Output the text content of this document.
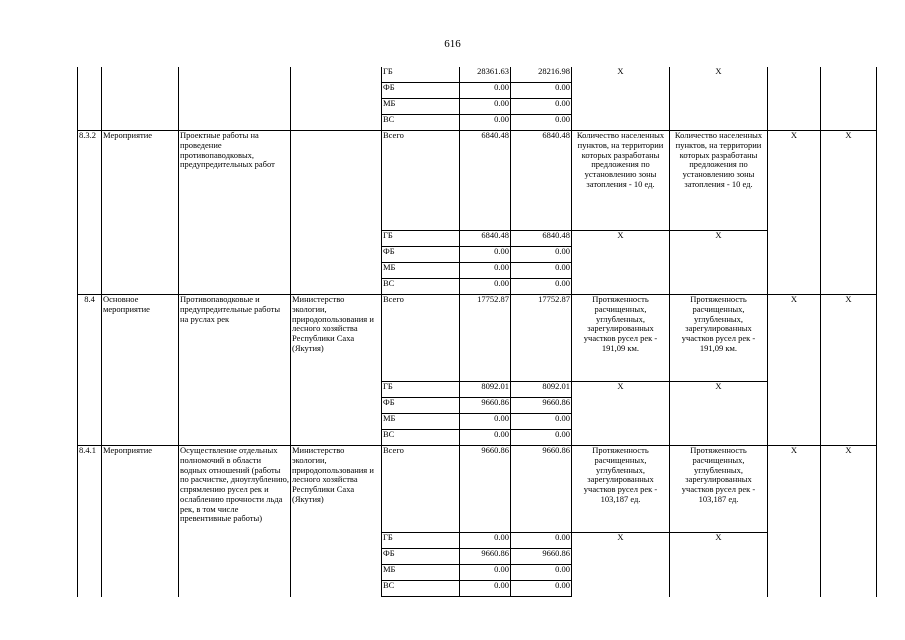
616
				ГБ	28361.63	28216.98	Х	Х		
				ФБ	0.00	0.00				
				МБ	0.00	0.00				
				ВС	0.00	0.00				
8.3.2	Мероприятие	Проектные работы на проведение противопаводковых, предупредительных работ		Всего	6840.48	6840.48	Количество населенных пунктов, на территории которых разработаны предложения по установлению зоны затопления - 10 ед.	Количество населенных пунктов, на территории которых разработаны предложения по установлению зоны затопления - 10 ед.	Х	Х
				ГБ	6840.48	6840.48	Х	Х		
				ФБ	0.00	0.00				
				МБ	0.00	0.00				
				ВС	0.00	0.00				
8.4	Основное мероприятие	Противопаводковые и предупредительные работы на руслах рек	Министерство экологии, природопользования и лесного хозяйства Республики Саха (Якутия)	Всего	17752.87	17752.87	Протяженность расчищенных, углубленных, зарегулированных участков русел рек - 191,09 км.	Протяженность расчищенных, углубленных, зарегулированных участков русел рек - 191,09 км.	Х	Х
				ГБ	8092.01	8092.01	Х	Х		
				ФБ	9660.86	9660.86				
				МБ	0.00	0.00				
				ВС	0.00	0.00				
8.4.1	Мероприятие	Осуществление отдельных полномочий в области водных отношений (работы по расчистке, дноуглублению, спрямлению русел рек и ослаблению прочности льда рек, в том числе превентивные работы)	Министерство экологии, природопользования и лесного хозяйства Республики Саха (Якутия)	Всего	9660.86	9660.86	Протяженность расчищенных, углубленных, зарегулированных участков русел рек - 103,187 ед.	Протяженность расчищенных, углубленных, зарегулированных участков русел рек - 103,187 ед.	Х	Х
				ГБ	0.00	0.00	Х	Х		
				ФБ	9660.86	9660.86				
				МБ	0.00	0.00				
				ВС	0.00	0.00				
